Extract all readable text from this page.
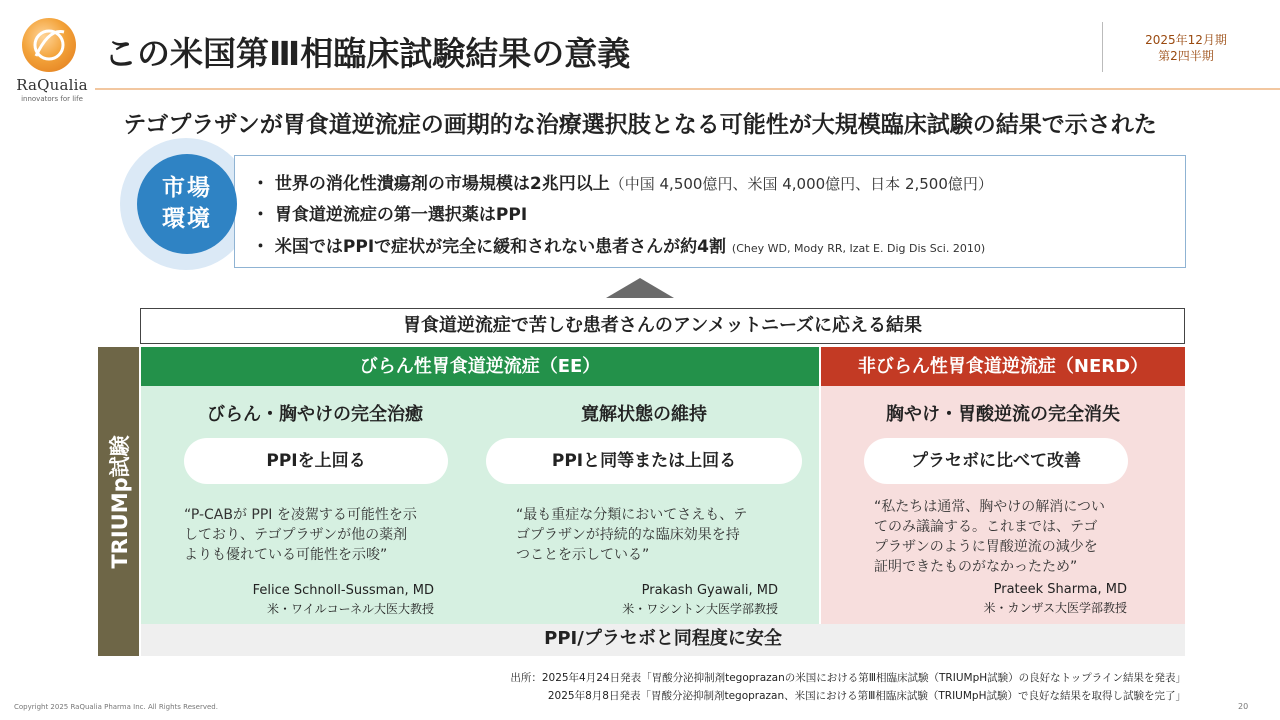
RaQualia
innovators for life
この米国第Ⅲ相臨床試験結果の意義	2025年12月期
第2四半期
テゴプラザンが胃食道逆流症の画期的な治療選択肢となる可能性が大規模臨床試験の結果で示された
市場
環境
・ 世界の消化性潰瘍剤の市場規模は2兆円以上（中国 4,500億円、米国 4,000億円、日本 2,500億円）
・ 胃食道逆流症の第一選択薬はPPI
・ 米国ではPPIで症状が完全に緩和されない患者さんが約4割 (Chey WD, Mody RR, Izat E. Dig Dis Sci. 2010)
胃食道逆流症で苦しむ患者さんのアンメットニーズに応える結果
TRIUMp試験
びらん性胃食道逆流症（EE）	非びらん性胃食道逆流症（NERD）
びらん・胸やけの完全治癒
PPIを上回る
“P-CABが PPI を凌駕する可能性を示
しており、テゴプラザンが他の薬剤
よりも優れている可能性を示唆”
Felice Schnoll-Sussman, MD
米・ワイルコーネル大医大教授
寛解状態の維持
PPIと同等または上回る
“最も重症な分類においてさえも、テ
ゴプラザンが持続的な臨床効果を持
つことを示している”
Prakash Gyawali, MD
米・ワシントン大医学部教授
胸やけ・胃酸逆流の完全消失
プラセボに比べて改善
“私たちは通常、胸やけの解消につい
てのみ議論する。これまでは、テゴ
プラザンのように胃酸逆流の減少を
証明できたものがなかったため”
Prateek Sharma, MD
米・カンザス大医学部教授
PPI/プラセボと同程度に安全
出所：2025年4月24日発表「胃酸分泌抑制剤tegoprazanの米国における第Ⅲ相臨床試験（TRIUMpH試験）の良好なトップライン結果を発表」
2025年8月8日発表「胃酸分泌抑制剤tegoprazan、米国における第Ⅲ相臨床試験（TRIUMpH試験）で良好な結果を取得し試験を完了」
Copyright 2025 RaQualia Pharma Inc. All Rights Reserved.	20
